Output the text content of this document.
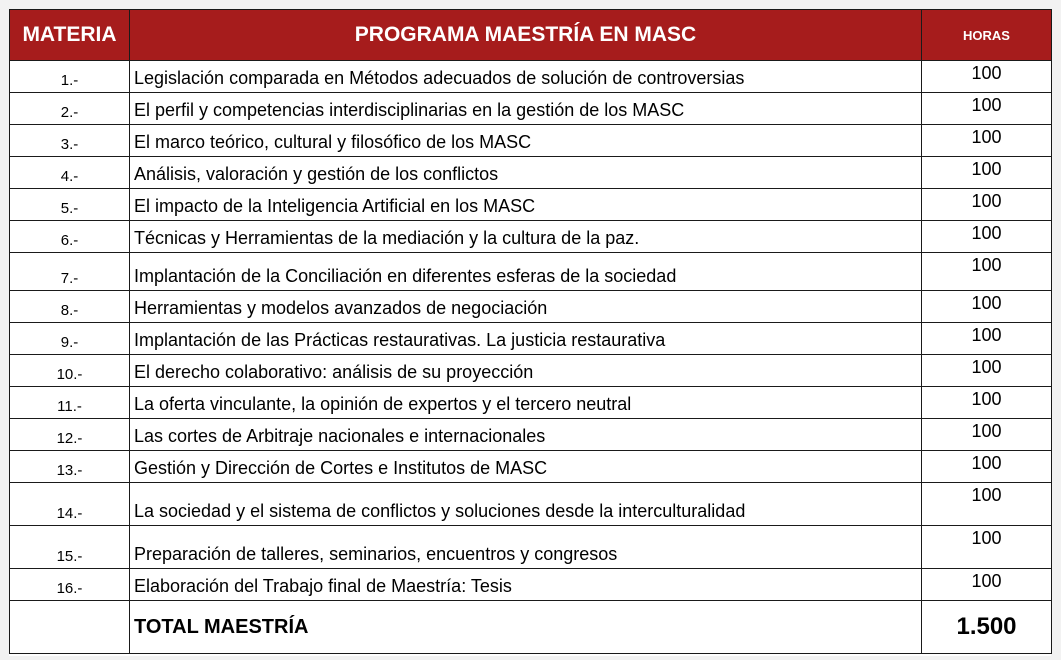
MATERIA	PROGRAMA MAESTRÍA EN MASC	HORAS
1.-	Legislación comparada en Métodos adecuados de solución de controversias	100
2.-	El perfil y competencias interdisciplinarias en la gestión de los MASC	100
3.-	El marco teórico, cultural y filosófico de los MASC	100
4.-	Análisis, valoración y gestión de los conflictos	100
5.-	El impacto de la Inteligencia Artificial en los MASC	100
6.-	Técnicas y Herramientas de la mediación y la cultura de la paz.	100
7.-	Implantación de la Conciliación en diferentes esferas de la sociedad	100
8.-	Herramientas y modelos avanzados de negociación	100
9.-	Implantación de las Prácticas restaurativas. La justicia restaurativa	100
10.-	El derecho colaborativo: análisis de su proyección	100
11.-	La oferta vinculante, la opinión de expertos y el tercero neutral	100
12.-	Las cortes de Arbitraje nacionales e internacionales	100
13.-	Gestión y Dirección de Cortes e Institutos de MASC	100
14.-	La sociedad y el sistema de conflictos y soluciones desde la interculturalidad	100
15.-	Preparación de talleres, seminarios, encuentros y congresos	100
16.-	Elaboración del Trabajo final de Maestría: Tesis	100
	TOTAL MAESTRÍA	1.500
